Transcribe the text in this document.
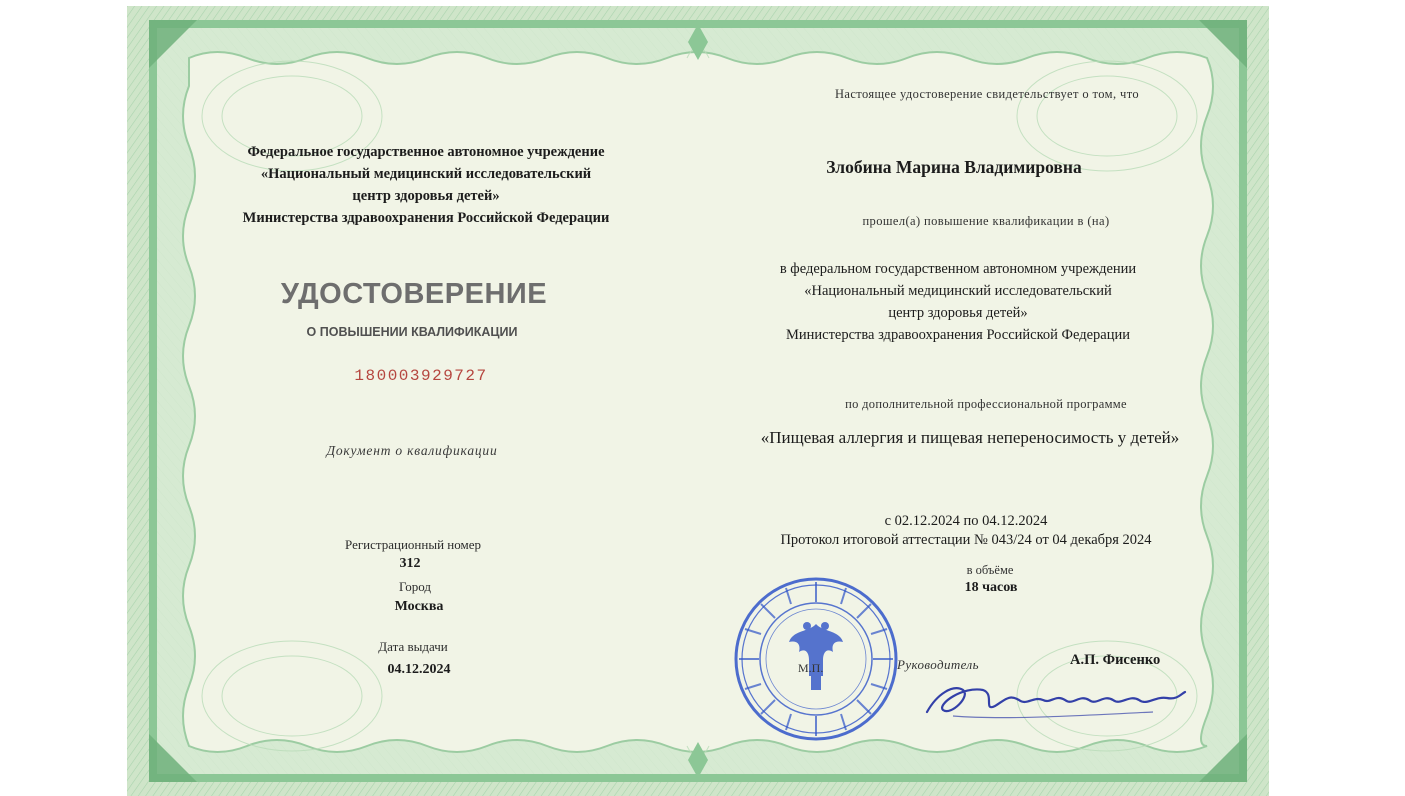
Федеральное государственное автономное учреждение
«Национальный медицинский исследовательский
центр здоровья детей»
Министерства здравоохранения Российской Федерации
УДОСТОВЕРЕНИЕ
О ПОВЫШЕНИИ КВАЛИФИКАЦИИ
180003929727
Документ о квалификации
Регистрационный номер
312
Город
Москва
Дата выдачи
04.12.2024
Настоящее удостоверение свидетельствует о том, что
Злобина Марина Владимировна
прошел(а) повышение квалификации в (на)
в федеральном государственном автономном учреждении
«Национальный медицинский исследовательский
центр здоровья детей»
Министерства здравоохранения Российской Федерации
по дополнительной профессиональной программе
«Пищевая аллергия и пищевая непереносимость у детей»
с 02.12.2024 по 04.12.2024
Протокол итоговой аттестации № 043/24 от 04 декабря 2024
в объёме
18 часов
Руководитель	А.П. Фисенко
М.П.
